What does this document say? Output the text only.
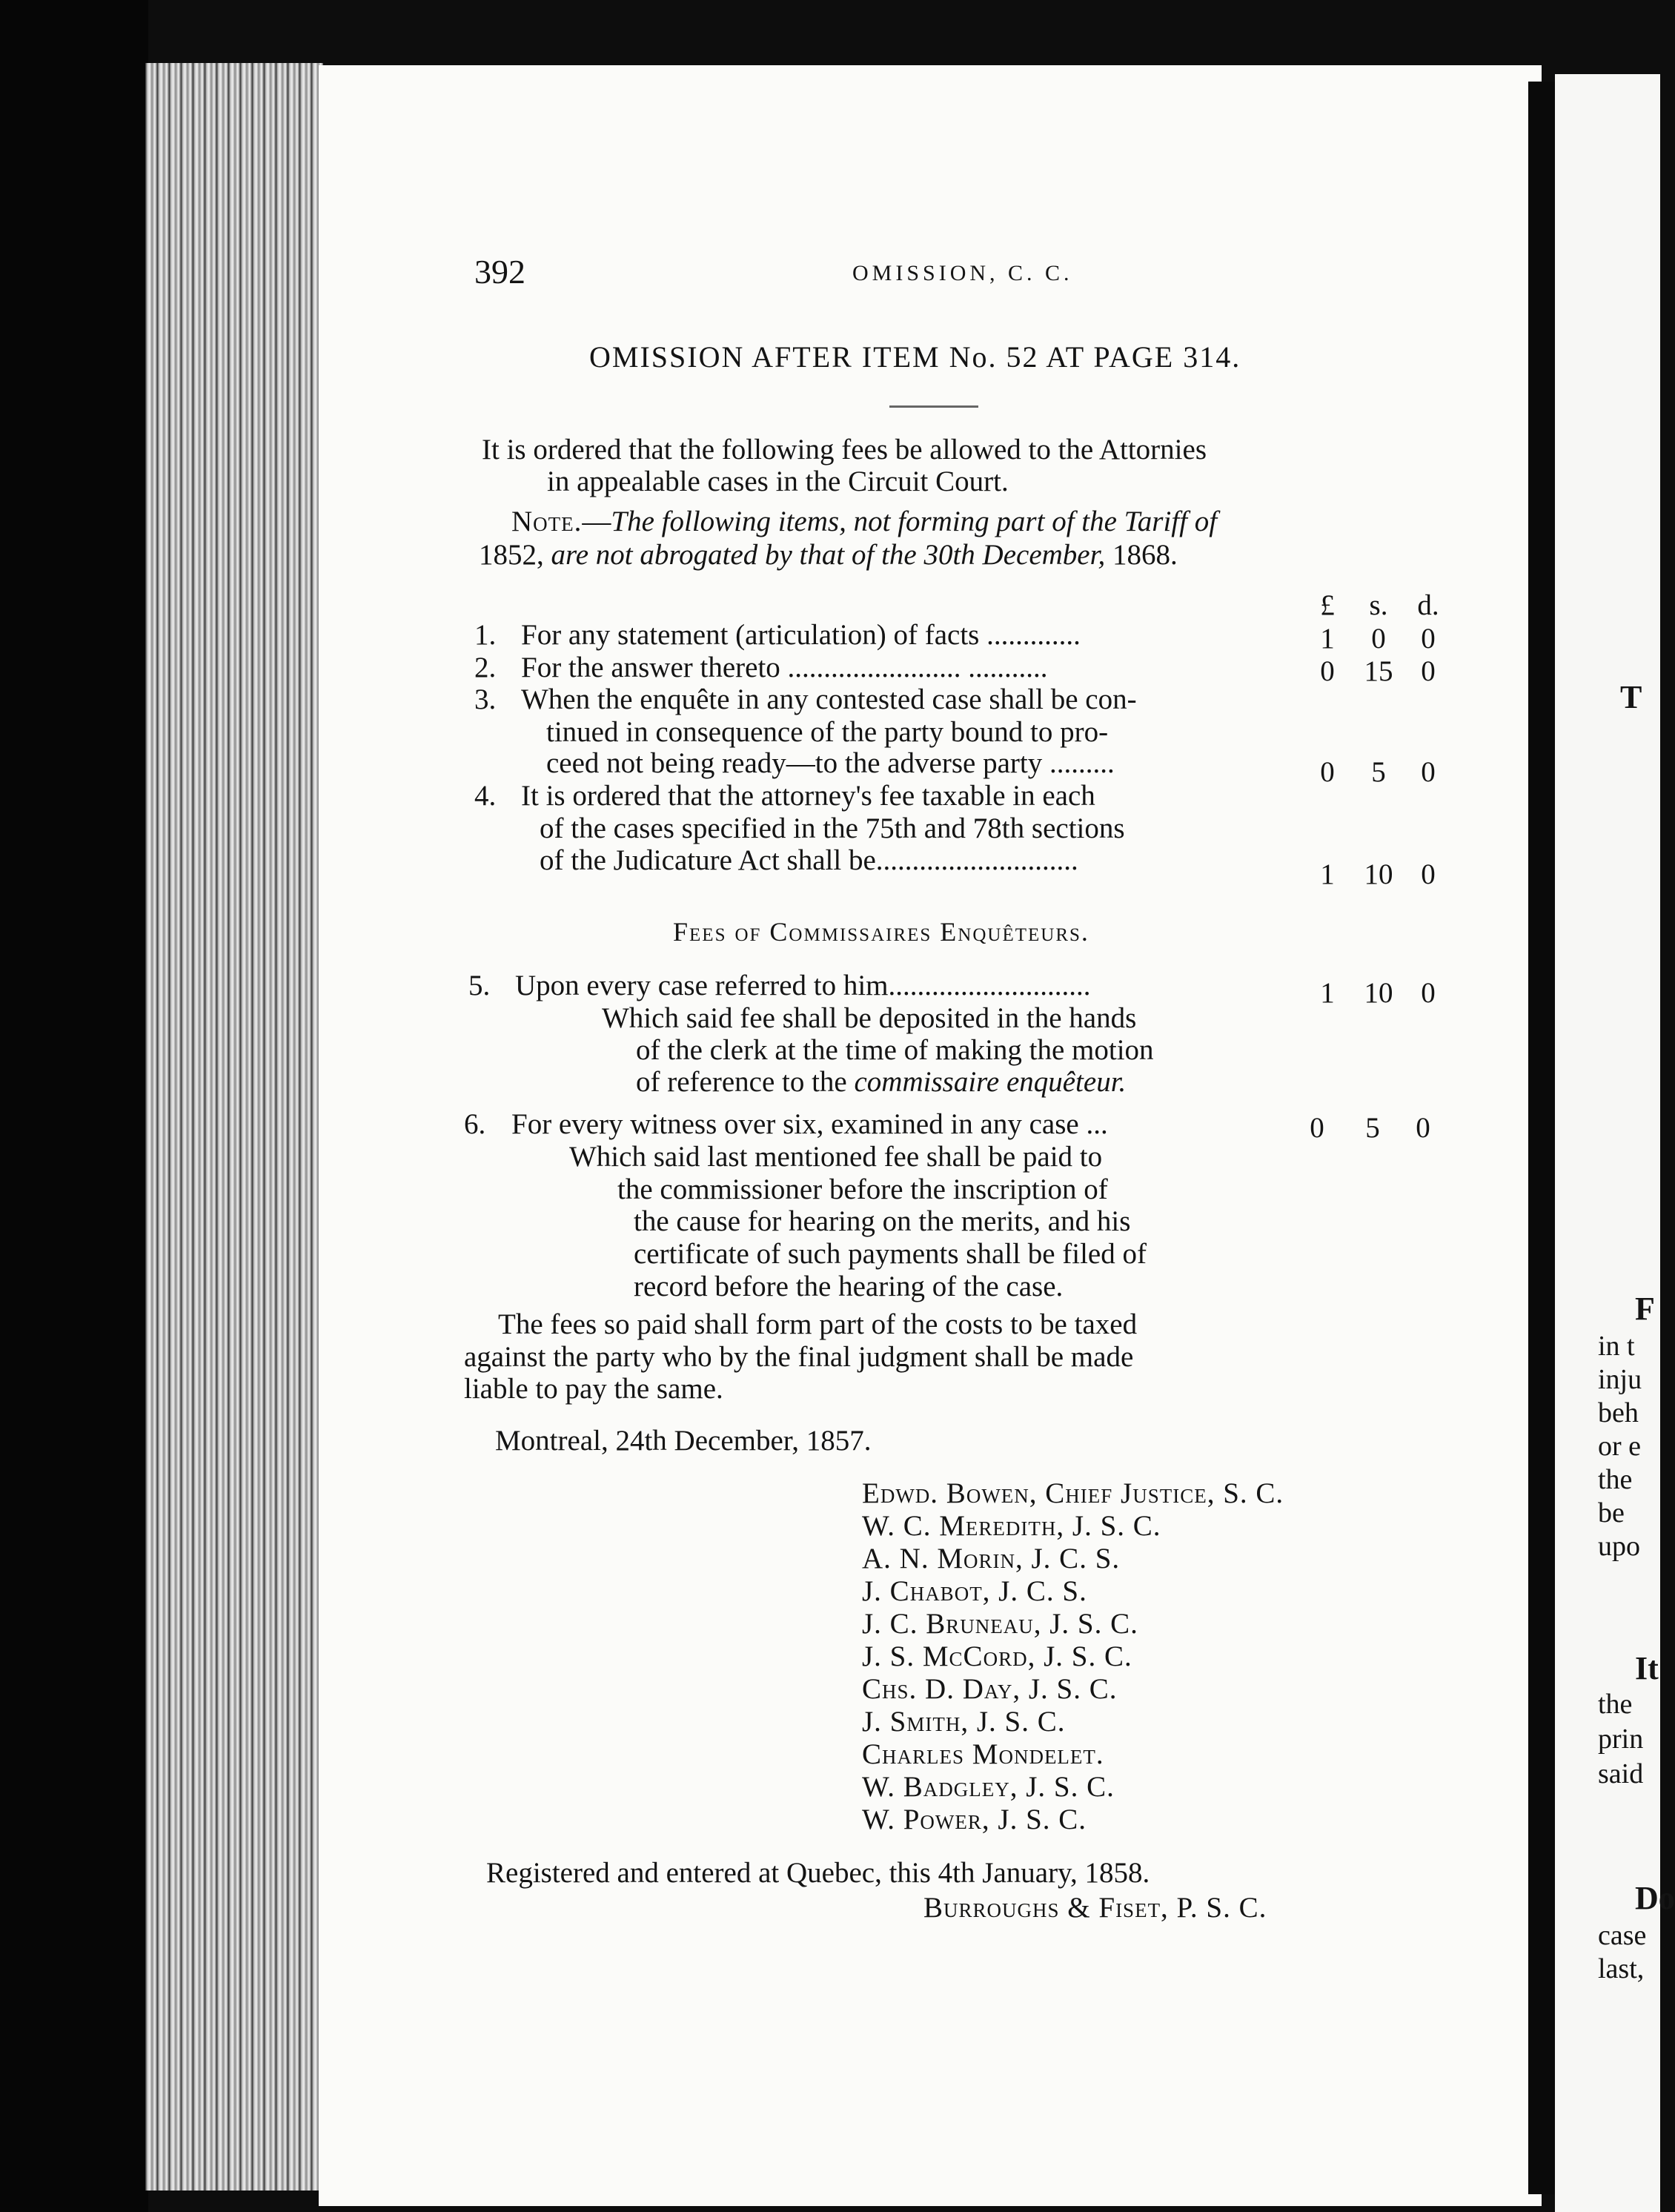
T
F
in t
inju
beh
or e
the
be
upo
It
the
prin
said
Do
case
last,
392	OMISSION, C. C.
OMISSION AFTER ITEM No. 52 AT PAGE 314.
It is ordered that the following fees be allowed to the Attornies
in appealable cases in the Circuit Court.
Note.—The following items, not forming part of the Tariff of
1852, are not abrogated by that of the 30th December, 1868.
£ s. d.
1. For any statement (articulation) of facts .............	1	0	0
2. For the answer thereto ........................ ...........	0 15 0
3. When the enquête in any contested case shall be con-
tinued in consequence of the party bound to pro-
ceed not being ready—to the adverse party .........	0	5	0
4. It is ordered that the attorney's fee taxable in each
of the cases specified in the 75th and 78th sections
of the Judicature Act shall be............................	1 10 0
Fees of Commissaires Enquêteurs.
5. Upon every case referred to him............................	1 10 0
Which said fee shall be deposited in the hands
of the clerk at the time of making the motion
of reference to the commissaire enquêteur.
6. For every witness over six, examined in any case ...	0	5	0
Which said last mentioned fee shall be paid to
the commissioner before the inscription of
the cause for hearing on the merits, and his
certificate of such payments shall be filed of
record before the hearing of the case.
The fees so paid shall form part of the costs to be taxed
against the party who by the final judgment shall be made
liable to pay the same.
Montreal, 24th December, 1857.
Edwd. Bowen, Chief Justice, S. C.
W. C. Meredith, J. S. C.
A. N. Morin, J. C. S.
J. Chabot, J. C. S.
J. C. Bruneau, J. S. C.
J. S. McCord, J. S. C.
Chs. D. Day, J. S. C.
J. Smith, J. S. C.
Charles Mondelet.
W. Badgley, J. S. C.
W. Power, J. S. C.
Registered and entered at Quebec, this 4th January, 1858.
Burroughs & Fiset, P. S. C.
